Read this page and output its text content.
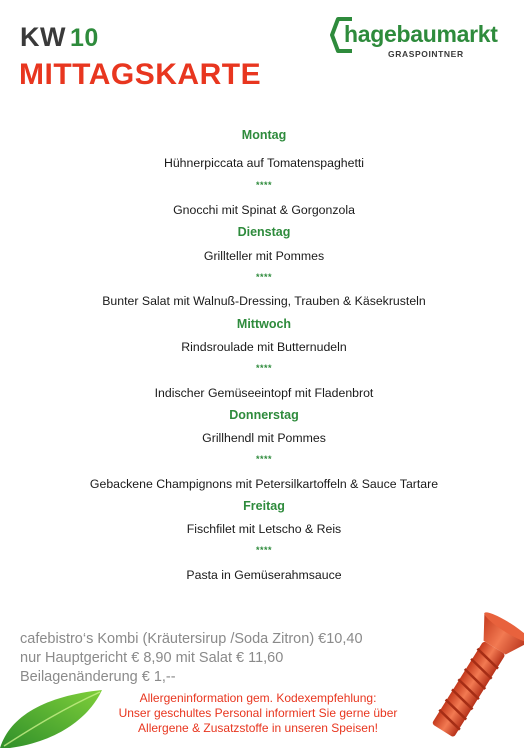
KW 10
MITTAGSKARTE
hagebaumarkt
GRASPOINTNER
Montag
Hühnerpiccata auf Tomatenspaghetti
****
Gnocchi mit Spinat & Gorgonzola
Dienstag
Grillteller mit Pommes
****
Bunter Salat mit Walnuß-Dressing, Trauben & Käsekrusteln
Mittwoch
Rindsroulade mit Butternudeln
****
Indischer Gemüseeintopf mit Fladenbrot
Donnerstag
Grillhendl mit Pommes
****
Gebackene Champignons mit Petersilkartoffeln & Sauce Tartare
Freitag
Fischfilet mit Letscho & Reis
****
Pasta in Gemüserahmsauce
cafebistro‘s Kombi (Kräutersirup /Soda Zitron) €10,40
nur Hauptgericht € 8,90 mit Salat € 11,60
Beilagenänderung € 1,--
Allergeninformation gem. Kodexempfehlung:
Unser geschultes Personal informiert Sie gerne über
Allergene & Zusatzstoffe in unseren Speisen!
